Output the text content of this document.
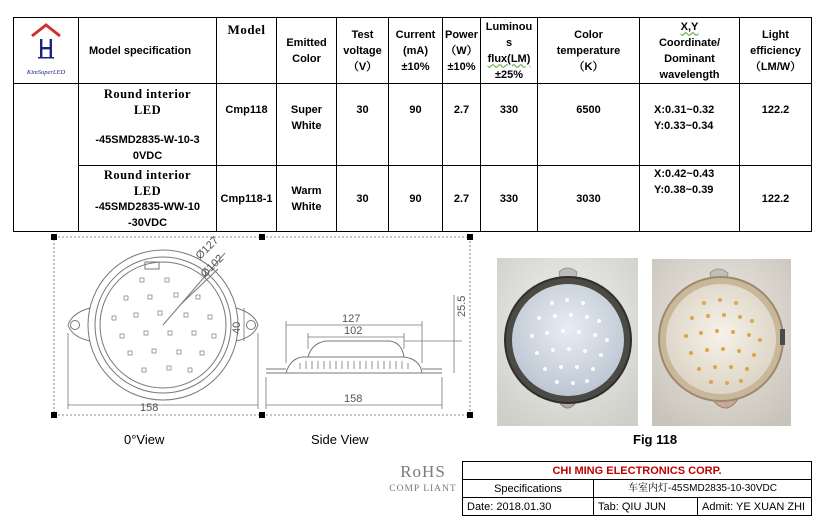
KimSuperLED	Model specification	Model	Emitted
Color	Test
voltage
（V）	Current
(mA)
±10%	Power
（W）
±10%	Luminou
s
flux(LM)
±25%	Color
temperature
（K）	X,Y
Coordinate/
Dominant
wavelength	Light
efficiency
（LM/W）

	Round interior
LED
-45SMD2835-W-10-3
0VDC	Cmp118	Super
White	30	90	2.7	330	6500	X:0.31~0.32
Y:0.33~0.34	122.2

	Round interior
LED
-45SMD2835-WW-10
-30VDC	Cmp118-1	Warm
White	30	90	2.7	330	3030	X:0.42~0.43
Y:0.38~0.39	122.2
158
40
Ø127
Ø102
127
102
158
25.5
0°View	Side View	Fig 118
RoHS
COMP LIANT
CHI MING ELECTRONICS CORP.		
Specifications	车室内灯-45SMD2835-10-30VDC	
Date: 2018.01.30	Tab: QIU JUN	Admit: YE XUAN ZHI
